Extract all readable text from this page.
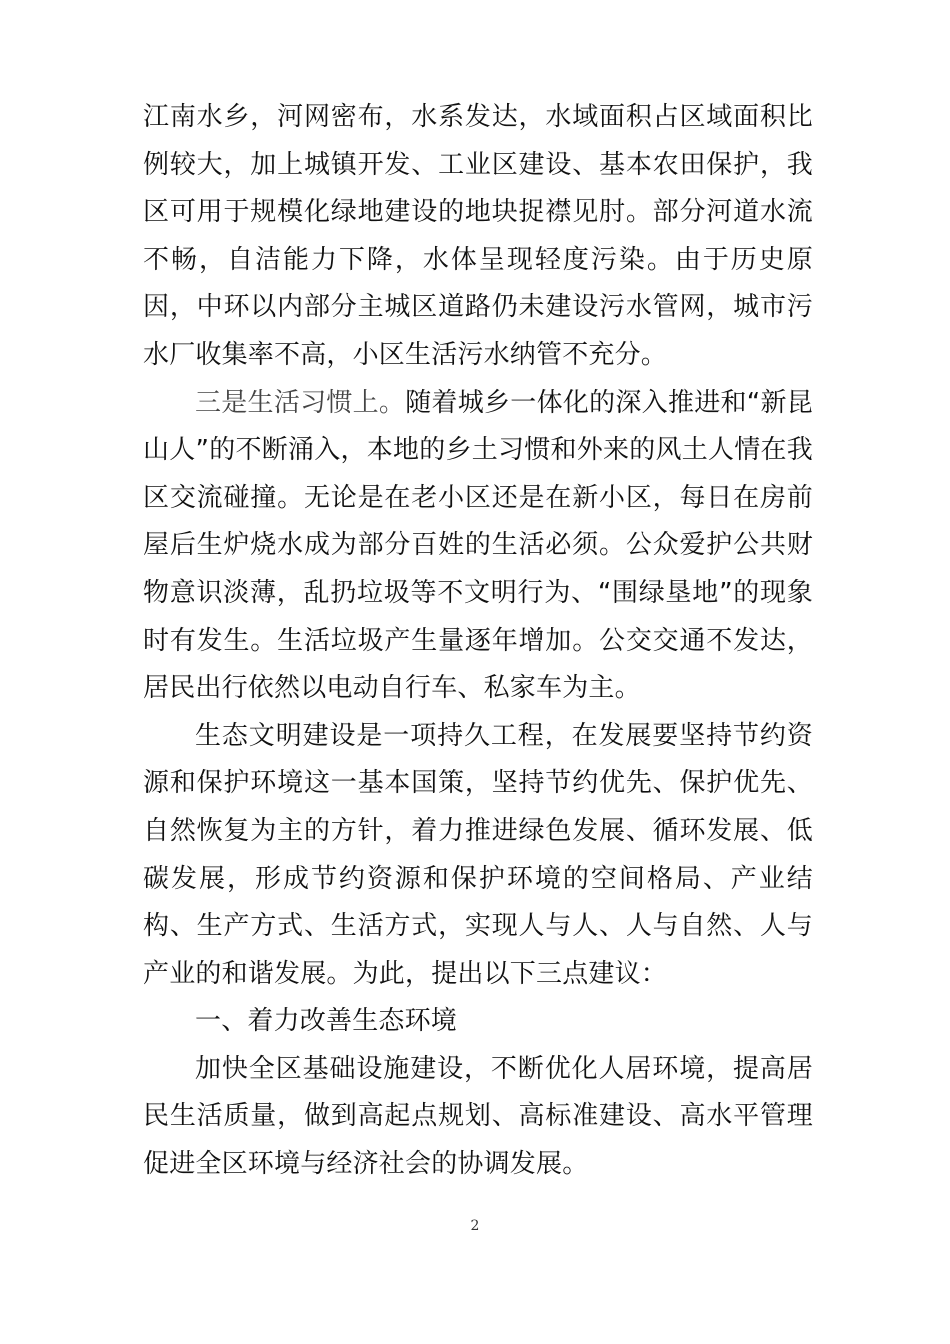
江南水乡，河网密布，水系发达，水域面积占区域面积比例较大，加上城镇开发、工业区建设、基本农田保护，我区可用于规模化绿地建设的地块捉襟见肘。部分河道水流不畅，自洁能力下降，水体呈现轻度污染。由于历史原因，中环以内部分主城区道路仍未建设污水管网，城市污水厂收集率不高，小区生活污水纳管不充分。

三是生活习惯上。随着城乡一体化的深入推进和“新昆山人”的不断涌入，本地的乡土习惯和外来的风土人情在我区交流碰撞。无论是在老小区还是在新小区，每日在房前屋后生炉烧水成为部分百姓的生活必须。公众爱护公共财物意识淡薄，乱扔垃圾等不文明行为、“围绿垦地”的现象时有发生。生活垃圾产生量逐年增加。公交交通不发达，居民出行依然以电动自行车、私家车为主。

生态文明建设是一项持久工程，在发展要坚持节约资源和保护环境这一基本国策，坚持节约优先、保护优先、自然恢复为主的方针，着力推进绿色发展、循环发展、低碳发展，形成节约资源和保护环境的空间格局、产业结构、生产方式、生活方式，实现人与人、人与自然、人与产业的和谐发展。为此，提出以下三点建议：

一、着力改善生态环境

加快全区基础设施建设，不断优化人居环境，提高居民生活质量，做到高起点规划、高标准建设、高水平管理促进全区环境与经济社会的协调发展。

2
